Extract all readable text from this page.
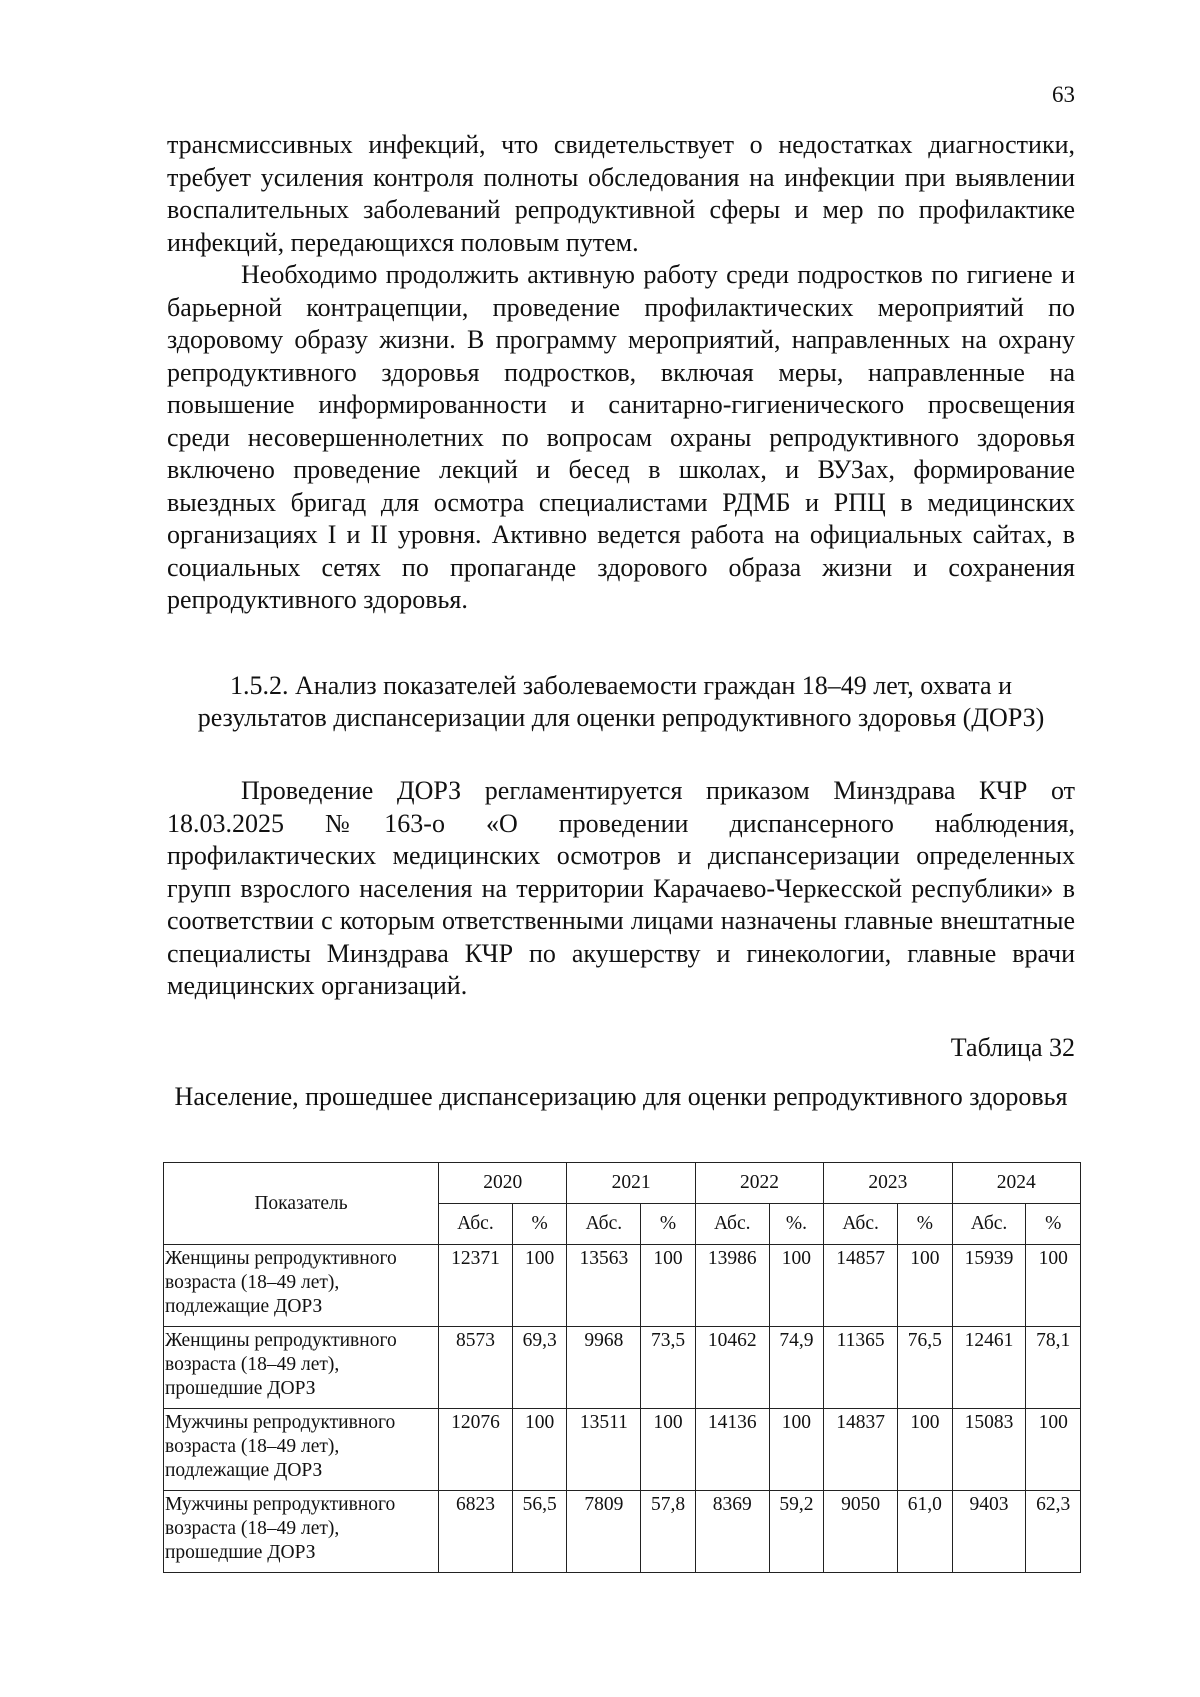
63

трансмиссивных инфекций, что свидетельствует о недостатках диагностики, требует усиления контроля полноты обследования на инфекции при выявлении воспалительных заболеваний репродуктивной сферы и мер по профилактике инфекций, передающихся половым путем.

Необходимо продолжить активную работу среди подростков по гигиене и барьерной контрацепции, проведение профилактических мероприятий по здоровому образу жизни. В программу мероприятий, направленных на охрану репродуктивного здоровья подростков, включая меры, направленные на повышение информированности и санитарно-гигиенического просвещения среди несовершеннолетних по вопросам охраны репродуктивного здоровья включено проведение лекций и бесед в школах, и ВУЗах, формирование выездных бригад для осмотра специалистами РДМБ и РПЦ в медицинских организациях I и II уровня. Активно ведется работа на официальных сайтах, в социальных сетях по пропаганде здорового образа жизни и сохранения репродуктивного здоровья.

1.5.2. Анализ показателей заболеваемости граждан 18–49 лет, охвата и результатов диспансеризации для оценки репродуктивного здоровья (ДОРЗ)

Проведение ДОРЗ регламентируется приказом Минздрава КЧР от 18.03.2025 №163-о «О проведении диспансерного наблюдения, профилактических медицинских осмотров и диспансеризации определенных групп взрослого населения на территории Карачаево-Черкесской республики» в соответствии с которым ответственными лицами назначены главные внештатные специалисты Минздрава КЧР по акушерству и гинекологии, главные врачи медицинских организаций.

Таблица 32
Население, прошедшее диспансеризацию для оценки репродуктивного здоровья
Показатель	2020		2021		2022		2023		2024	
	Абс.	%	Абс.	%	Абс.	%.	Абс.	%	Абс.	%
Женщины репродуктивного возраста (18–49 лет), подлежащие ДОРЗ	12371	100	13563	100	13986	100	14857	100	15939	100
Женщины репродуктивного возраста (18–49 лет), прошедшие ДОРЗ	8573	69,3	9968	73,5	10462	74,9	11365	76,5	12461	78,1
Мужчины репродуктивного возраста (18–49 лет), подлежащие ДОРЗ	12076	100	13511	100	14136	100	14837	100	15083	100
Мужчины репродуктивного возраста (18–49 лет), прошедшие ДОРЗ	6823	56,5	7809	57,8	8369	59,2	9050	61,0	9403	62,3
